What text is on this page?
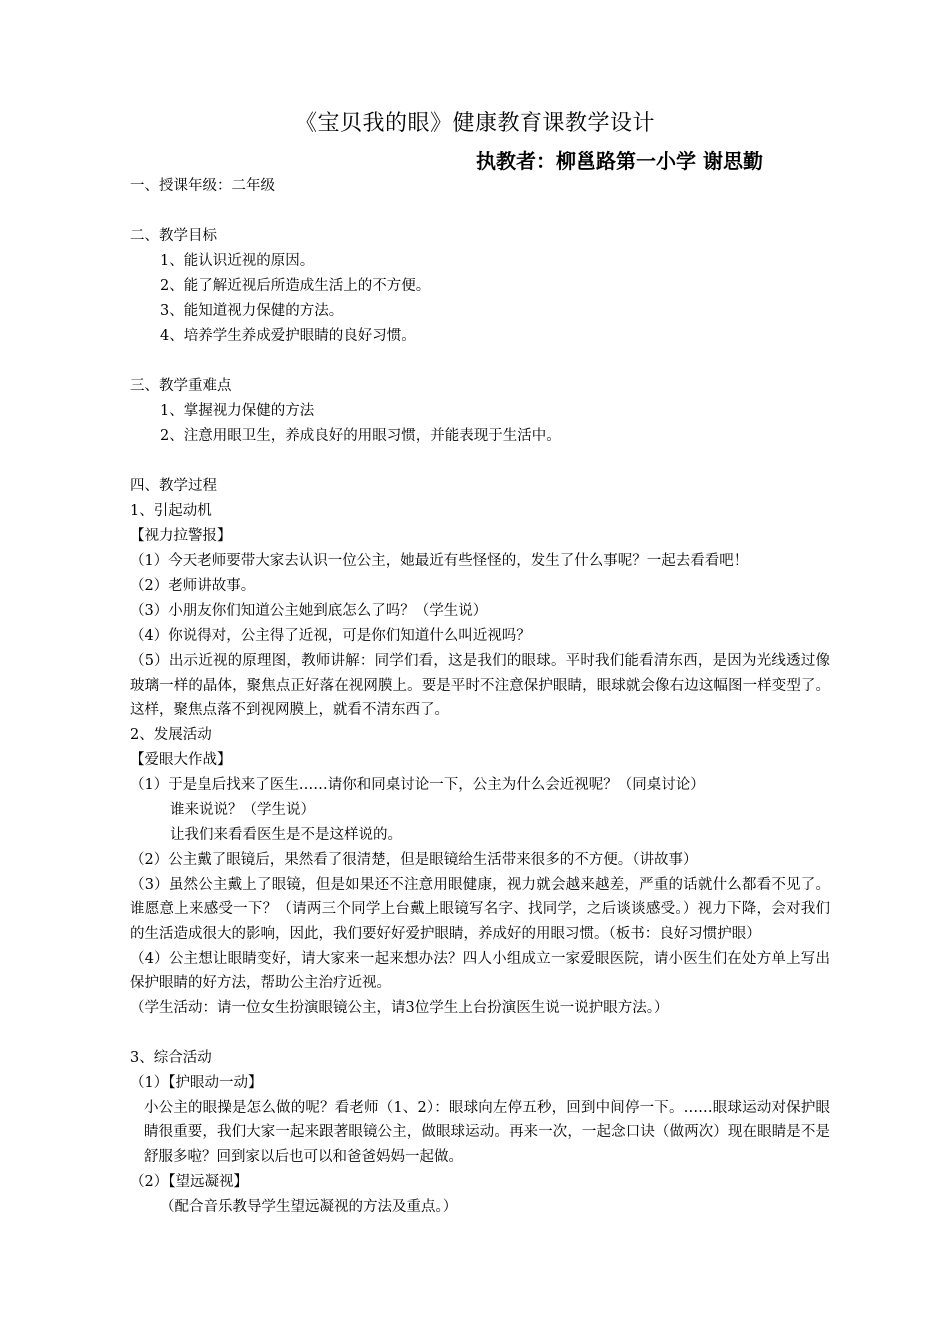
《宝贝我的眼》健康教育课教学设计
执教者：柳邕路第一小学 谢思勤
一、授课年级：二年级
二、教学目标
1、能认识近视的原因。
2、能了解近视后所造成生活上的不方便。
3、能知道视力保健的方法。
4、培养学生养成爱护眼睛的良好习惯。
三、教学重难点
1、掌握视力保健的方法
2、注意用眼卫生，养成良好的用眼习惯，并能表现于生活中。
四、教学过程
1、引起动机
【视力拉警报】
（1）今天老师要带大家去认识一位公主，她最近有些怪怪的，发生了什么事呢？一起去看看吧！
（2）老师讲故事。
（3）小朋友你们知道公主她到底怎么了吗？（学生说）
（4）你说得对，公主得了近视，可是你们知道什么叫近视吗？
（5）出示近视的原理图，教师讲解：同学们看，这是我们的眼球。平时我们能看清东西，是因为光线透过像玻璃一样的晶体，聚焦点正好落在视网膜上。要是平时不注意保护眼睛，眼球就会像右边这幅图一样变型了。这样，聚焦点落不到视网膜上，就看不清东西了。
2、发展活动
【爱眼大作战】
（1）于是皇后找来了医生……请你和同桌讨论一下，公主为什么会近视呢？（同桌讨论）
谁来说说？（学生说）
让我们来看看医生是不是这样说的。
（2）公主戴了眼镜后，果然看了很清楚，但是眼镜给生活带来很多的不方便。（讲故事）
（3）虽然公主戴上了眼镜，但是如果还不注意用眼健康，视力就会越来越差，严重的话就什么都看不见了。谁愿意上来感受一下？（请两三个同学上台戴上眼镜写名字、找同学，之后谈谈感受。）视力下降，会对我们的生活造成很大的影响，因此，我们要好好爱护眼睛，养成好的用眼习惯。（板书：良好习惯护眼）
（4）公主想让眼睛变好，请大家来一起来想办法？四人小组成立一家爱眼医院，请小医生们在处方单上写出保护眼睛的好方法，帮助公主治疗近视。
（学生活动：请一位女生扮演眼镜公主，请3位学生上台扮演医生说一说护眼方法。）
3、综合活动
（1）【护眼动一动】
小公主的眼操是怎么做的呢？看老师（1、2）：眼球向左停五秒，回到中间停一下。……眼球运动对保护眼睛很重要，我们大家一起来跟著眼镜公主，做眼球运动。再来一次，一起念口诀（做两次）现在眼睛是不是舒服多啦？回到家以后也可以和爸爸妈妈一起做。
（2）【望远凝视】
（配合音乐教导学生望远凝视的方法及重点。）
